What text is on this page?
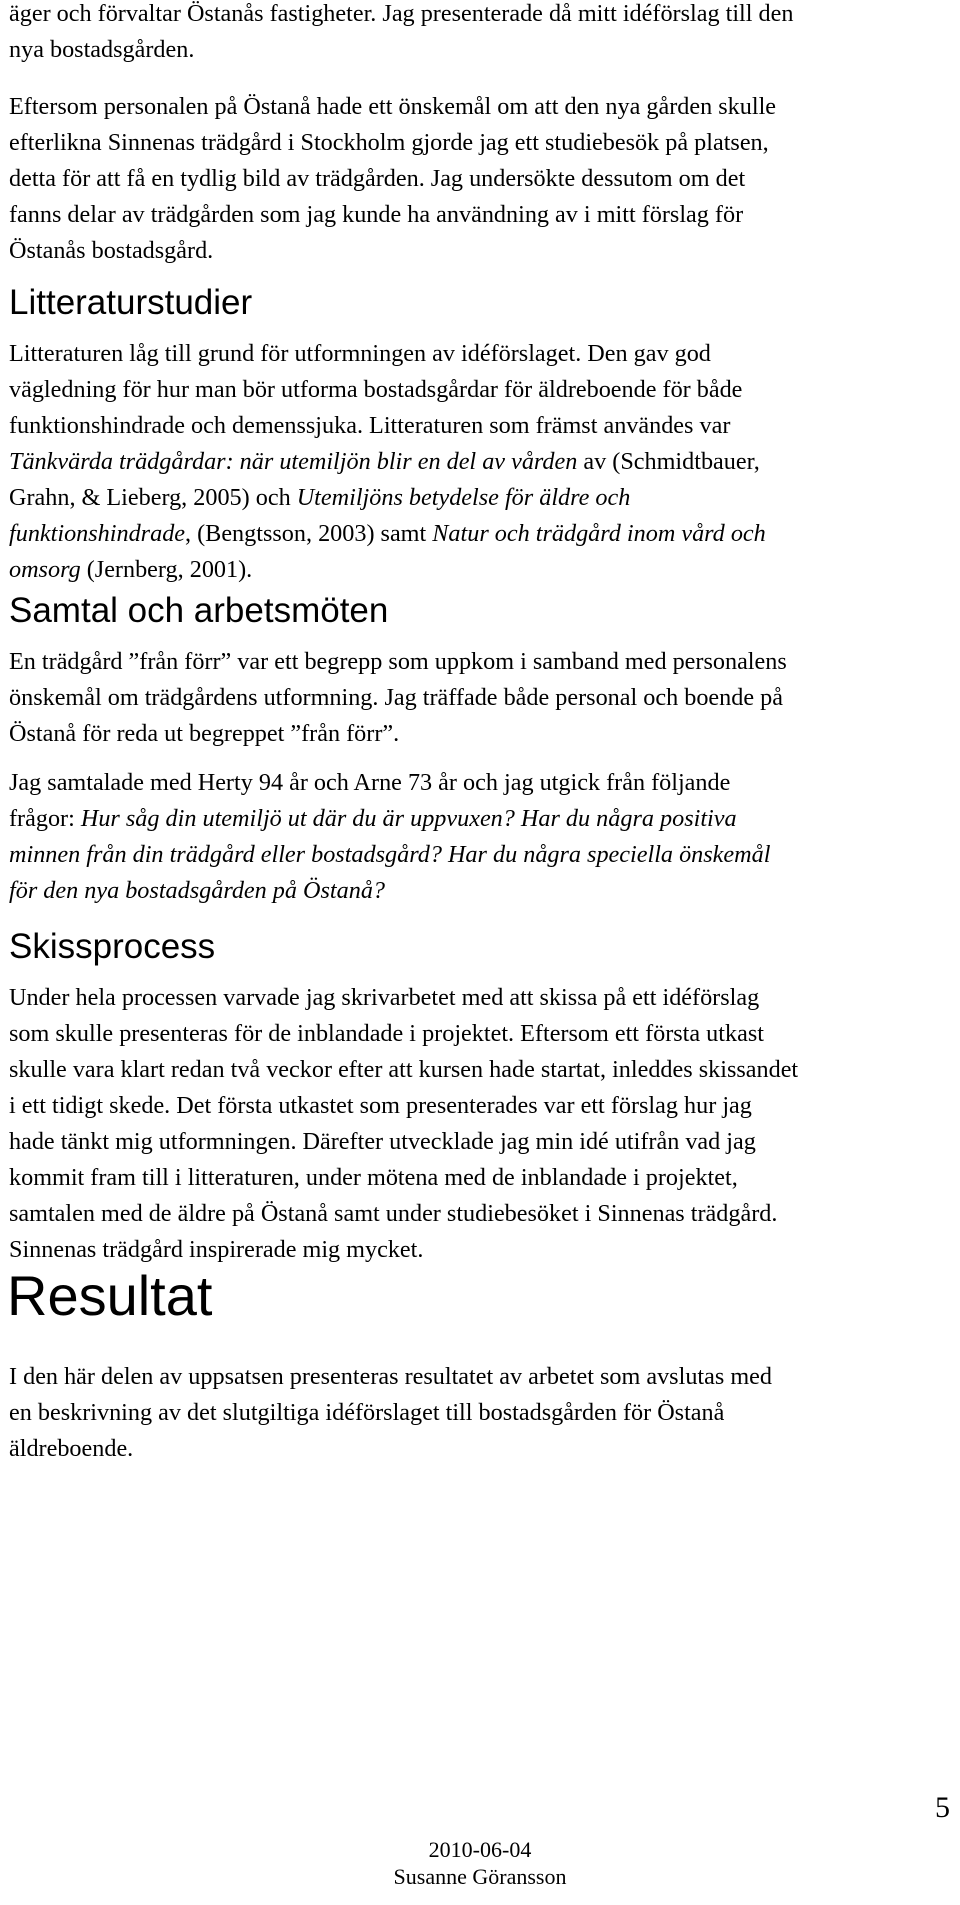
äger och förvaltar Östanås fastigheter. Jag presenterade då mitt idéförslag till den
nya bostadsgården.
Eftersom personalen på Östanå hade ett önskemål om att den nya gården skulle
efterlikna Sinnenas trädgård i Stockholm gjorde jag ett studiebesök på platsen,
detta för att få en tydlig bild av trädgården. Jag undersökte dessutom om det
fanns delar av trädgården som jag kunde ha användning av i mitt förslag för
Östanås bostadsgård.
Litteraturstudier
Litteraturen låg till grund för utformningen av idéförslaget. Den gav god
vägledning för hur man bör utforma bostadsgårdar för äldreboende för både
funktionshindrade och demenssjuka. Litteraturen som främst användes var
Tänkvärda trädgårdar: när utemiljön blir en del av vården av (Schmidtbauer,
Grahn, & Lieberg, 2005) och Utemiljöns betydelse för äldre och
funktionshindrade, (Bengtsson, 2003) samt Natur och trädgård inom vård och
omsorg (Jernberg, 2001).
Samtal och arbetsmöten
En trädgård ”från förr” var ett begrepp som uppkom i samband med personalens
önskemål om trädgårdens utformning. Jag träffade både personal och boende på
Östanå för reda ut begreppet ”från förr”.
Jag samtalade med Herty 94 år och Arne 73 år och jag utgick från följande
frågor: Hur såg din utemiljö ut där du är uppvuxen? Har du några positiva
minnen från din trädgård eller bostadsgård? Har du några speciella önskemål
för den nya bostadsgården på Östanå?
Skissprocess
Under hela processen varvade jag skrivarbetet med att skissa på ett idéförslag
som skulle presenteras för de inblandade i projektet. Eftersom ett första utkast
skulle vara klart redan två veckor efter att kursen hade startat, inleddes skissandet
i ett tidigt skede. Det första utkastet som presenterades var ett förslag hur jag
hade tänkt mig utformningen. Därefter utvecklade jag min idé utifrån vad jag
kommit fram till i litteraturen, under mötena med de inblandade i projektet,
samtalen med de äldre på Östanå samt under studiebesöket i Sinnenas trädgård.
Sinnenas trädgård inspirerade mig mycket.
Resultat
I den här delen av uppsatsen presenteras resultatet av arbetet som avslutas med
en beskrivning av det slutgiltiga idéförslaget till bostadsgården för Östanå
äldreboende.
2010-06-04
Susanne Göransson
5
